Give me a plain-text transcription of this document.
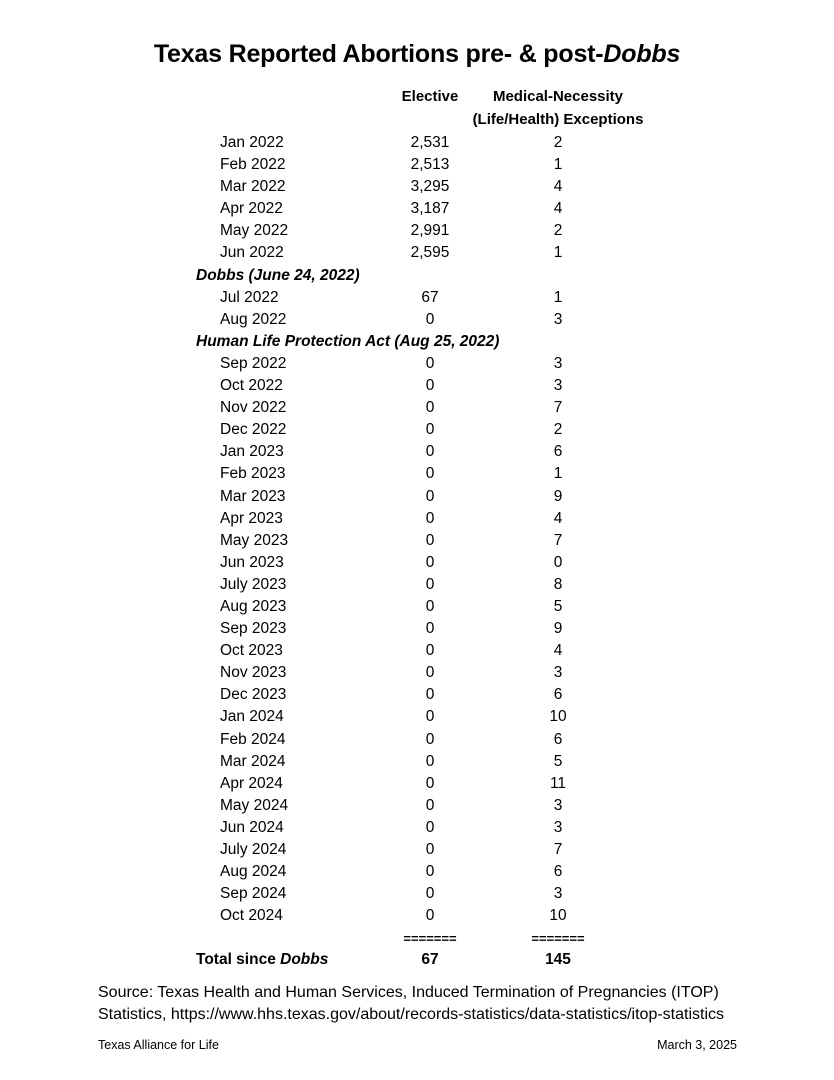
Texas Reported Abortions pre- & post-Dobbs
Elective	Medical-Necessity
(Life/Health) Exceptions
Jan 2022	2,531	2
Feb 2022	2,513	1
Mar 2022	3,295	4
Apr 2022	3,187	4
May 2022	2,991	2
Jun 2022	2,595	1
Dobbs (June 24, 2022)
Jul 2022	67	1
Aug 2022	0	3
Human Life Protection Act (Aug 25, 2022)
Sep 2022	0	3
Oct 2022	0	3
Nov 2022	0	7
Dec 2022	0	2
Jan 2023	0	6
Feb 2023	0	1
Mar 2023	0	9
Apr 2023	0	4
May 2023	0	7
Jun 2023	0	0
July 2023	0	8
Aug 2023	0	5
Sep 2023	0	9
Oct 2023	0	4
Nov 2023	0	3
Dec 2023	0	6
Jan 2024	0	10
Feb 2024	0	6
Mar 2024	0	5
Apr 2024	0	11
May 2024	0	3
Jun 2024	0	3
July 2024	0	7
Aug 2024	0	6
Sep 2024	0	3
Oct 2024	0	10
=======	=======
Total since Dobbs	67	145
Source: Texas Health and Human Services, Induced Termination of Pregnancies (ITOP)
Statistics, https://www.hhs.texas.gov/about/records-statistics/data-statistics/itop-statistics
Texas Alliance for Life	March 3, 2025
